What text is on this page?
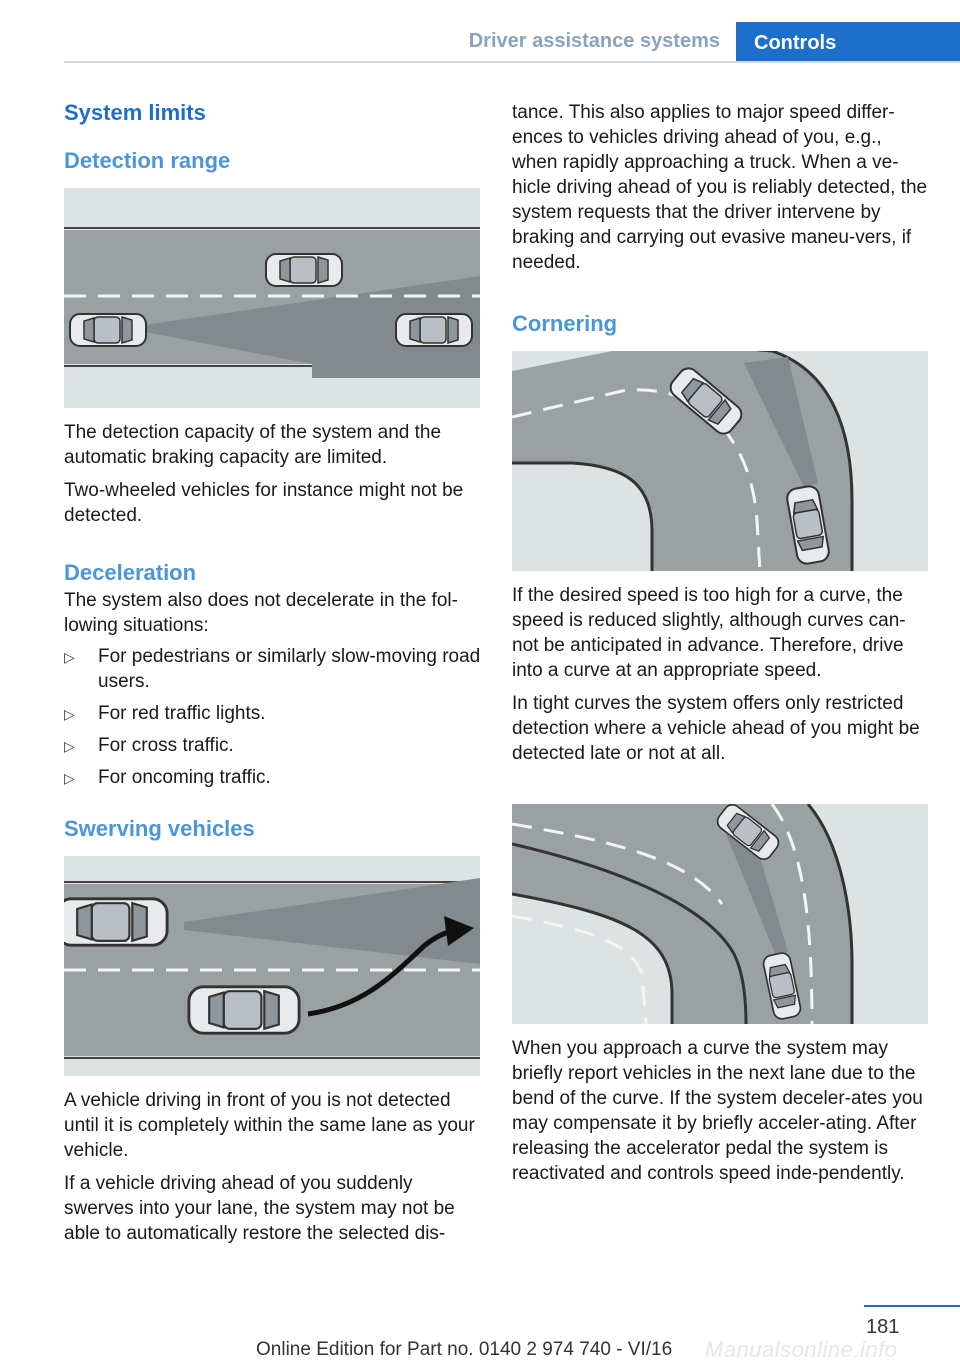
Driver assistance systems	Controls
System limits
Detection range

The detection capacity of the system and the automatic braking capacity are limited.

Two-wheeled vehicles for instance might not be detected.

Deceleration

The system also does not decelerate in the fol-lowing situations:

▷ For pedestrians or similarly slow-moving road users.
▷ For red traffic lights.
▷ For cross traffic.
▷ For oncoming traffic.
Swerving vehicles

A vehicle driving in front of you is not detected until it is completely within the same lane as your vehicle.

If a vehicle driving ahead of you suddenly swerves into your lane, the system may not be able to automatically restore the selected dis-

tance. This also applies to major speed differ-ences to vehicles driving ahead of you, e.g., when rapidly approaching a truck. When a ve-hicle driving ahead of you is reliably detected, the system requests that the driver intervene by braking and carrying out evasive maneu-vers, if needed.

Cornering

If the desired speed is too high for a curve, the speed is reduced slightly, although curves can-not be anticipated in advance. Therefore, drive into a curve at an appropriate speed.

In tight curves the system offers only restricted detection where a vehicle ahead of you might be detected late or not at all.

When you approach a curve the system may briefly report vehicles in the next lane due to the bend of the curve. If the system deceler-ates you may compensate it by briefly acceler-ating. After releasing the accelerator pedal the system is reactivated and controls speed inde-pendently.

181
Manualsonline.info
Online Edition for Part no. 0140 2 974 740 - VI/16
